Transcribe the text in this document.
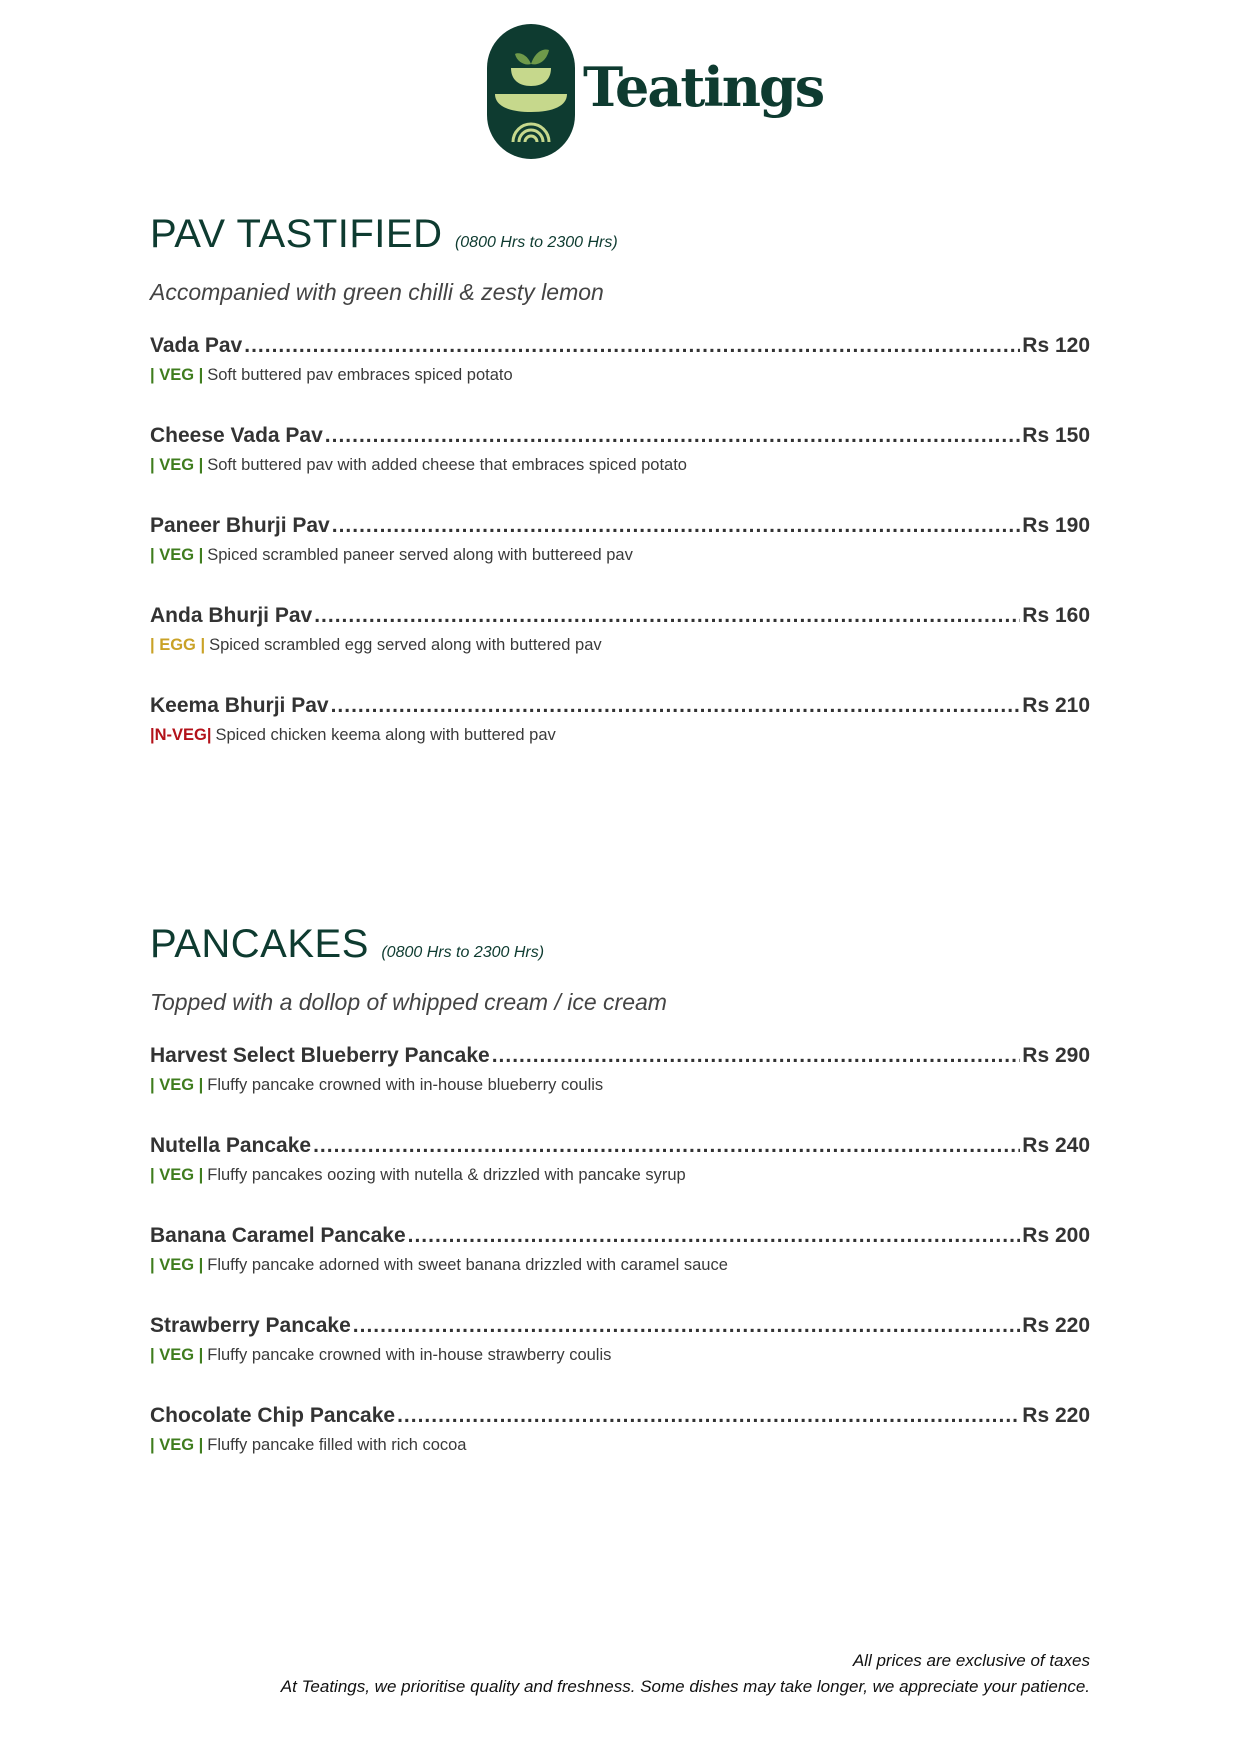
Teatings
PAV TASTIFIED (0800 Hrs to 2300 Hrs)
Accompanied with green chilli & zesty lemon
Vada Pav .....	Rs 120
| VEG | Soft buttered pav embraces spiced potato
Cheese Vada Pav .....	Rs 150
| VEG | Soft buttered pav with added cheese that embraces spiced potato
Paneer Bhurji Pav .....	Rs 190
| VEG | Spiced scrambled paneer served along with buttereed pav
Anda Bhurji Pav .....	Rs 160
| EGG | Spiced scrambled egg served along with buttered pav
Keema Bhurji Pav .....	Rs 210
|N-VEG| Spiced chicken keema along with buttered pav
PANCAKES (0800 Hrs to 2300 Hrs)
Topped with a dollop of whipped cream / ice cream
Harvest Select Blueberry Pancake .....	Rs 290
| VEG | Fluffy pancake crowned with in-house blueberry coulis
Nutella Pancake .....	Rs 240
| VEG | Fluffy pancakes oozing with nutella & drizzled with pancake syrup
Banana Caramel Pancake .....	Rs 200
| VEG | Fluffy pancake adorned with sweet banana drizzled with caramel sauce
Strawberry Pancake .....	Rs 220
| VEG | Fluffy pancake crowned with in-house strawberry coulis
Chocolate Chip Pancake .....	Rs 220
| VEG | Fluffy pancake filled with rich cocoa
All prices are exclusive of taxes
At Teatings, we prioritise quality and freshness. Some dishes may take longer, we appreciate your patience.
